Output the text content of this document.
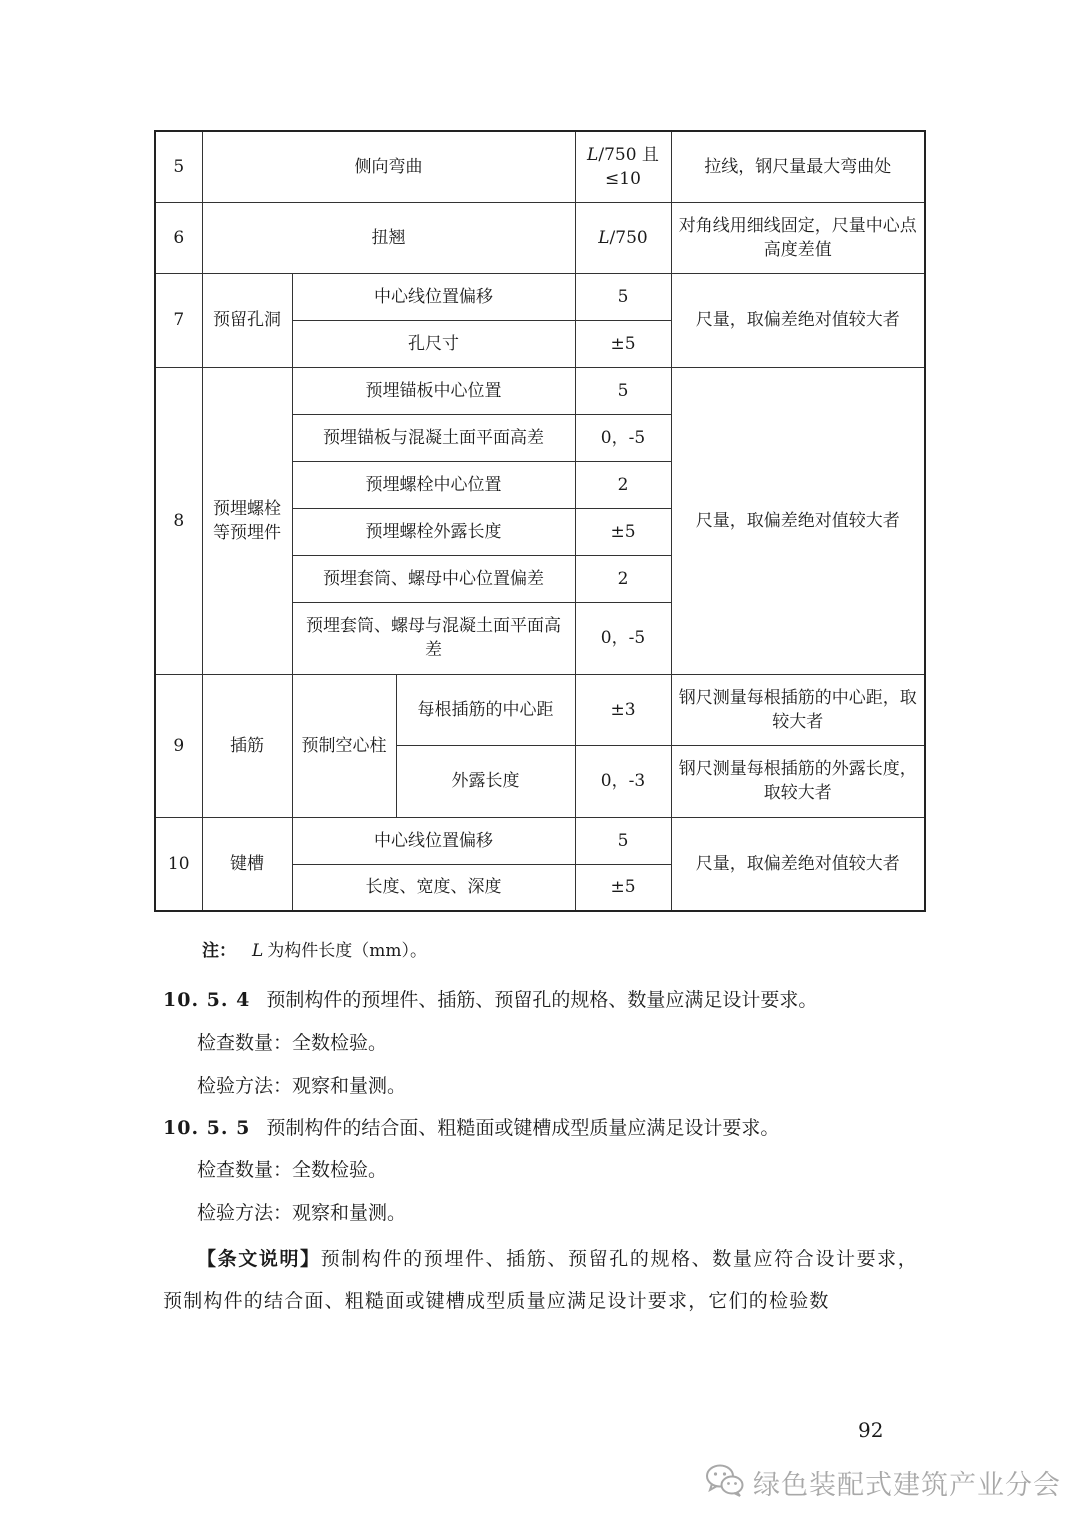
5	侧向弯曲			L/750 且≤10	拉线，钢尺量最大弯曲处
6	扭翘			L/750	对角线用细线固定，尺量中心点高度差值
7	预留孔洞	中心线位置偏移		5	尺量，取偏差绝对值较大者
		孔尺寸		±5	
8	预埋螺栓等预埋件	预埋锚板中心位置		5	尺量，取偏差绝对值较大者
		预埋锚板与混凝土面平面高差		0，-5	
		预埋螺栓中心位置		2	
		预埋螺栓外露长度		±5	
		预埋套筒、螺母中心位置偏差		2	
		预埋套筒、螺母与混凝土面平面高差		0，-5	
9	插筋	预制空心柱	每根插筋的中心距	±3	钢尺测量每根插筋的中心距，取较大者
			外露长度	0，-3	钢尺测量每根插筋的外露长度，取较大者
10	键槽	中心线位置偏移		5	尺量，取偏差绝对值较大者
		长度、宽度、深度		±5	
注： L 为构件长度（mm）。
10. 5. 4 预制构件的预埋件、插筋、预留孔的规格、数量应满足设计要求。
检查数量：全数检验。
检验方法：观察和量测。
10. 5. 5 预制构件的结合面、粗糙面或键槽成型质量应满足设计要求。
检查数量：全数检验。
检验方法：观察和量测。
【条文说明】预制构件的预埋件、插筋、预留孔的规格、数量应符合设计要求，预制构件的结合面、粗糙面或键槽成型质量应满足设计要求，它们的检验数
92
绿色装配式建筑产业分会
